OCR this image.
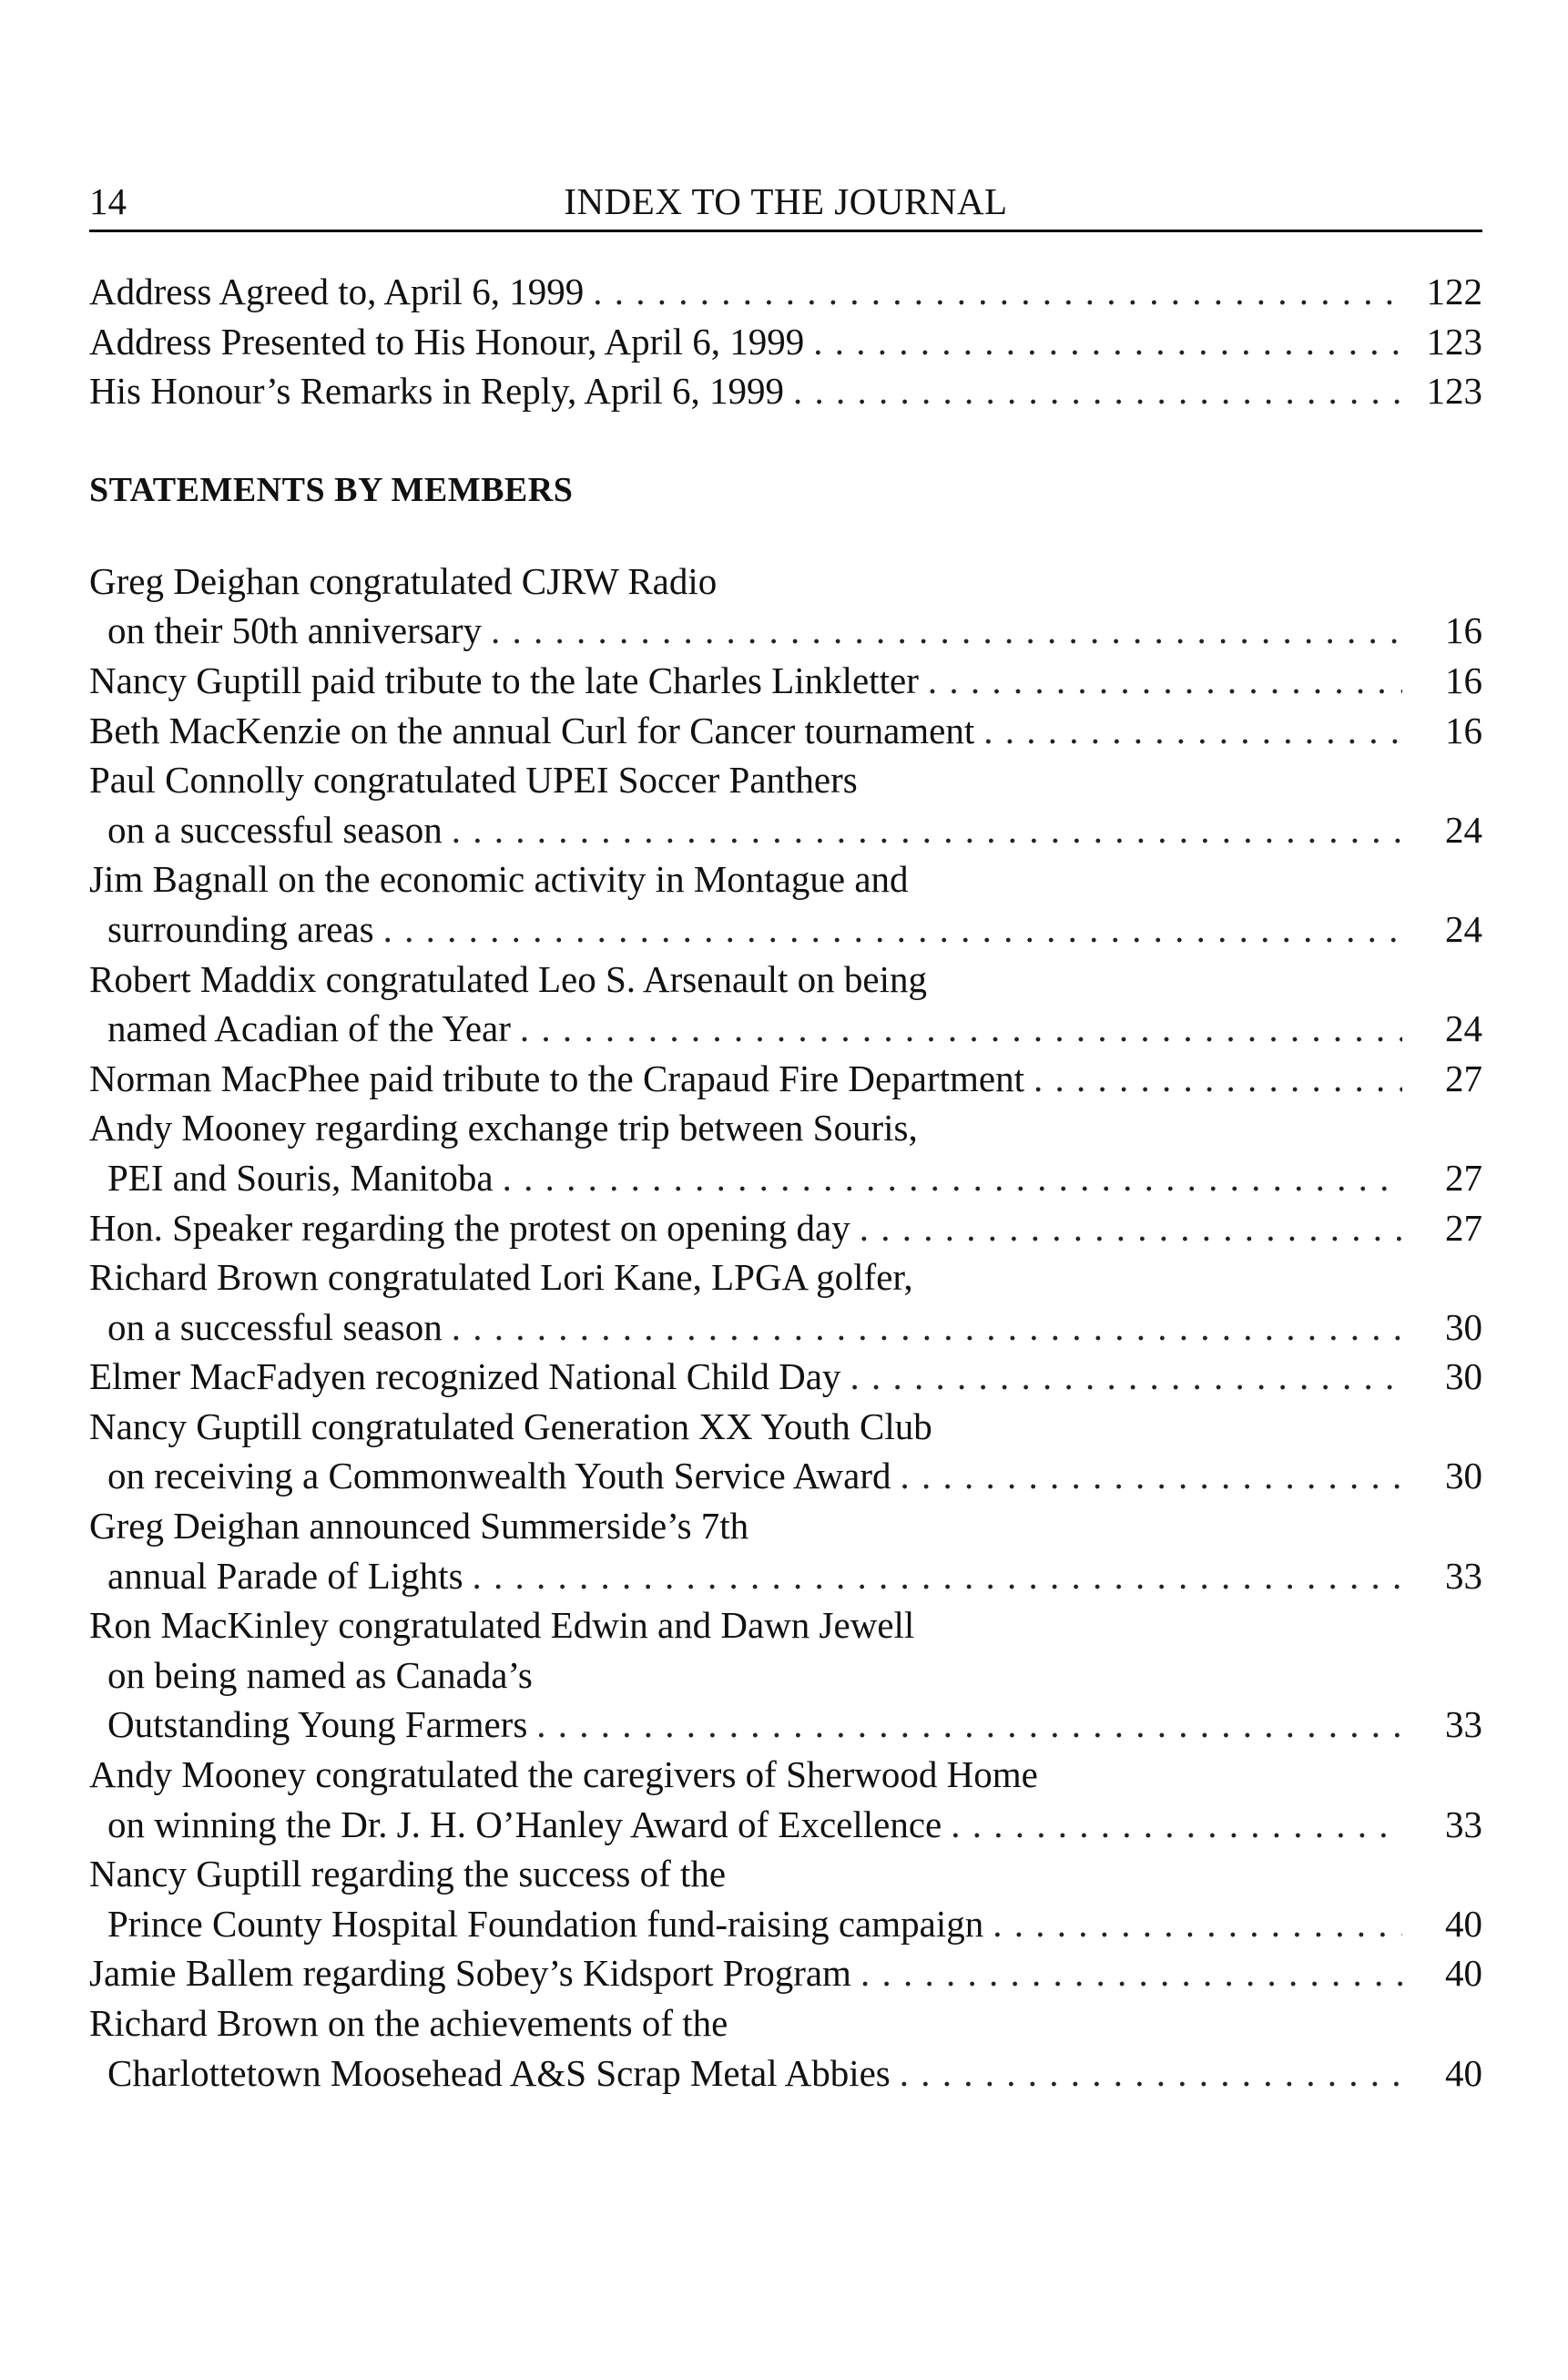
14	INDEX TO THE JOURNAL
Address Agreed to, April 6, 1999 . . .	122
Address Presented to His Honour, April 6, 1999 . . .	123
His Honour’s Remarks in Reply, April 6, 1999 . . .	123
STATEMENTS BY MEMBERS
Greg Deighan congratulated CJRW Radio
on their 50th anniversary . . .	16
Nancy Guptill paid tribute to the late Charles Linkletter . . .	16
Beth MacKenzie on the annual Curl for Cancer tournament . . .	16
Paul Connolly congratulated UPEI Soccer Panthers
on a successful season . . .	24
Jim Bagnall on the economic activity in Montague and
surrounding areas . . .	24
Robert Maddix congratulated Leo S. Arsenault on being
named Acadian of the Year . . .	24
Norman MacPhee paid tribute to the Crapaud Fire Department . . .	27
Andy Mooney regarding exchange trip between Souris,
PEI and Souris, Manitoba . . .	27
Hon. Speaker regarding the protest on opening day . . .	27
Richard Brown congratulated Lori Kane, LPGA golfer,
on a successful season . . .	30
Elmer MacFadyen recognized National Child Day . . .	30
Nancy Guptill congratulated Generation XX Youth Club
on receiving a Commonwealth Youth Service Award . . .	30
Greg Deighan announced Summerside’s 7th
annual Parade of Lights . . .	33
Ron MacKinley congratulated Edwin and Dawn Jewell
on being named as Canada’s
Outstanding Young Farmers . . .	33
Andy Mooney congratulated the caregivers of Sherwood Home
on winning the Dr. J. H. O’Hanley Award of Excellence . . .	33
Nancy Guptill regarding the success of the
Prince County Hospital Foundation fund-raising campaign . . .	40
Jamie Ballem regarding Sobey’s Kidsport Program . . .	40
Richard Brown on the achievements of the
Charlottetown Moosehead A&S Scrap Metal Abbies . . .	40
